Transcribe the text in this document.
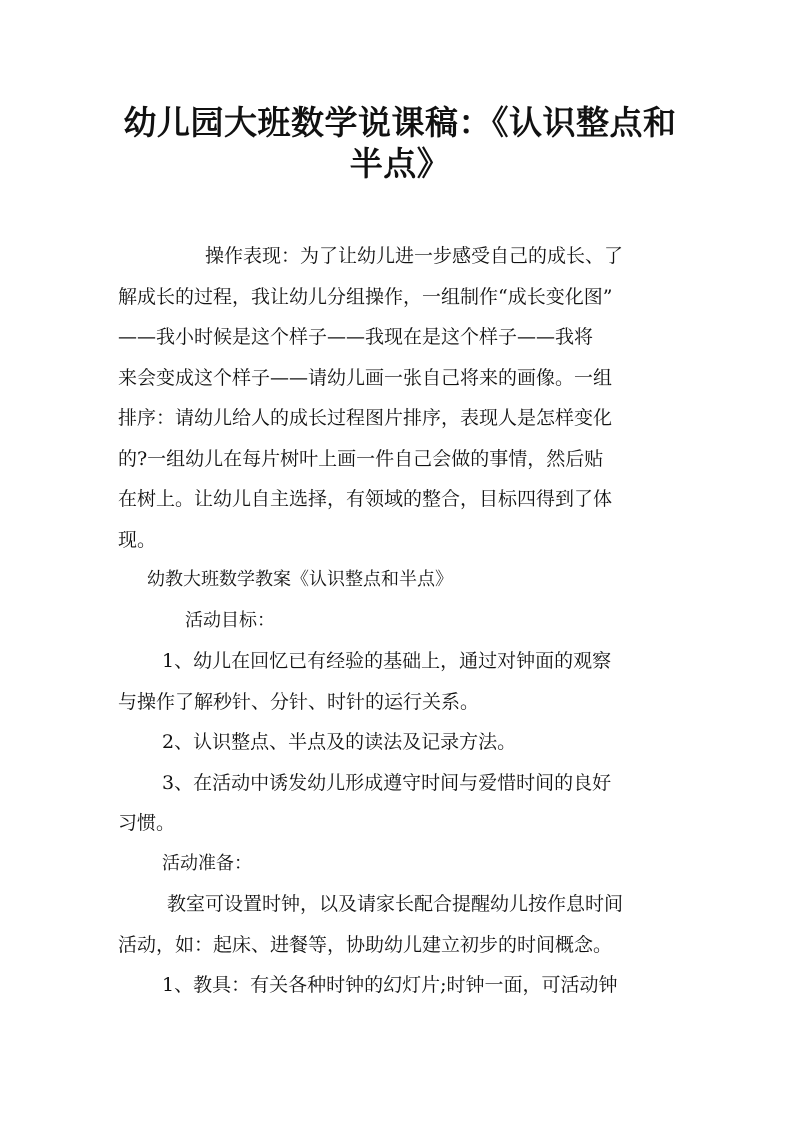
幼儿园大班数学说课稿：《认识整点和
半点》
操作表现：为了让幼儿进一步感受自己的成长、了
解成长的过程，我让幼儿分组操作，一组制作“成长变化图”
——我小时候是这个样子——我现在是这个样子——我将
来会变成这个样子——请幼儿画一张自己将来的画像。一组
排序：请幼儿给人的成长过程图片排序，表现人是怎样变化
的?一组幼儿在每片树叶上画一件自己会做的事情，然后贴
在树上。让幼儿自主选择，有领域的整合，目标四得到了体
现。
幼教大班数学教案《认识整点和半点》
活动目标：
1、幼儿在回忆已有经验的基础上，通过对钟面的观察
与操作了解秒针、分针、时针的运行关系。
2、认识整点、半点及的读法及记录方法。
3、在活动中诱发幼儿形成遵守时间与爱惜时间的良好
习惯。
活动准备：
教室可设置时钟，以及请家长配合提醒幼儿按作息时间
活动，如：起床、进餐等，协助幼儿建立初步的时间概念。
1、教具：有关各种时钟的幻灯片;时钟一面，可活动钟
